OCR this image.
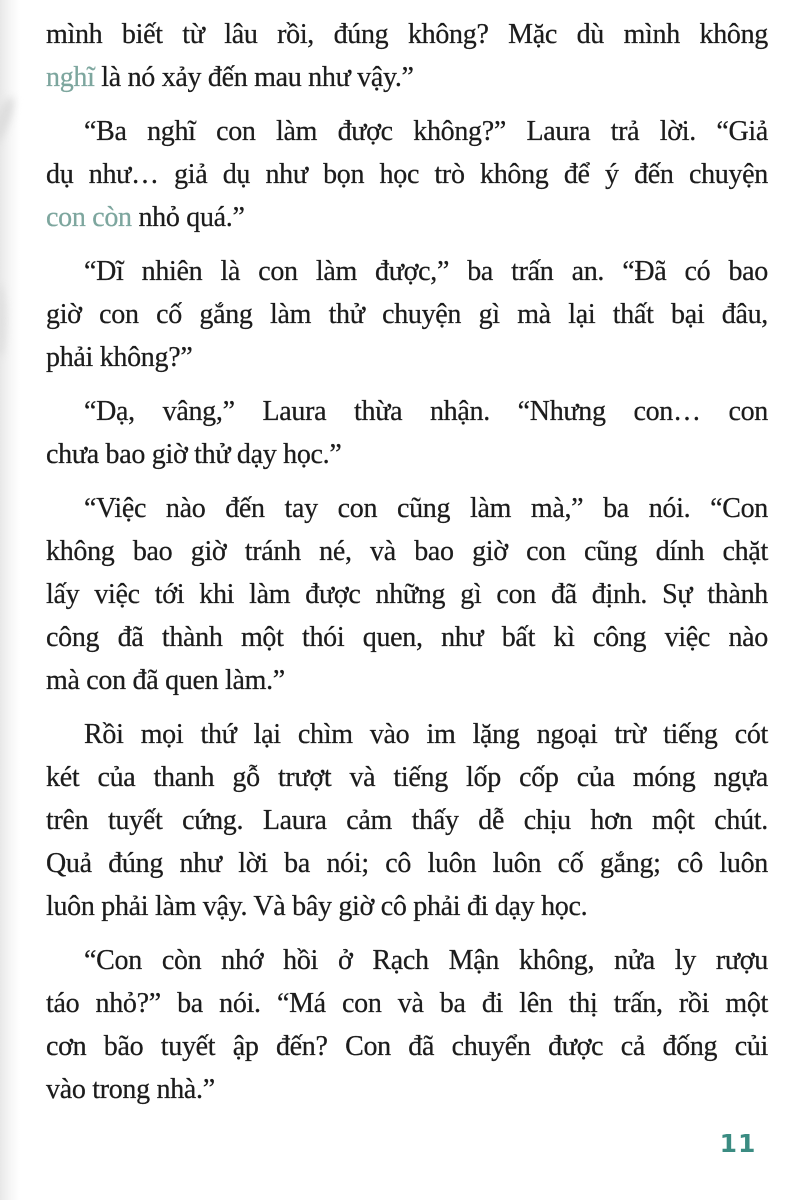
mình biết từ lâu rồi, đúng không? Mặc dù mình không
nghĩ là nó xảy đến mau như vậy.”

“Ba nghĩ con làm được không?” Laura trả lời. “Giả
dụ như… giả dụ như bọn học trò không để ý đến chuyện
con còn nhỏ quá.”

“Dĩ nhiên là con làm được,” ba trấn an. “Đã có bao
giờ con cố gắng làm thử chuyện gì mà lại thất bại đâu,
phải không?”

“Dạ, vâng,” Laura thừa nhận. “Nhưng con… con
chưa bao giờ thử dạy học.”

“Việc nào đến tay con cũng làm mà,” ba nói. “Con
không bao giờ tránh né, và bao giờ con cũng dính chặt
lấy việc tới khi làm được những gì con đã định. Sự thành
công đã thành một thói quen, như bất kì công việc nào
mà con đã quen làm.”

Rồi mọi thứ lại chìm vào im lặng ngoại trừ tiếng cót
két của thanh gỗ trượt và tiếng lốp cốp của móng ngựa
trên tuyết cứng. Laura cảm thấy dễ chịu hơn một chút.
Quả đúng như lời ba nói; cô luôn luôn cố gắng; cô luôn
luôn phải làm vậy. Và bây giờ cô phải đi dạy học.

“Con còn nhớ hồi ở Rạch Mận không, nửa ly rượu
táo nhỏ?” ba nói. “Má con và ba đi lên thị trấn, rồi một
cơn bão tuyết ập đến? Con đã chuyển được cả đống củi
vào trong nhà.”

11
